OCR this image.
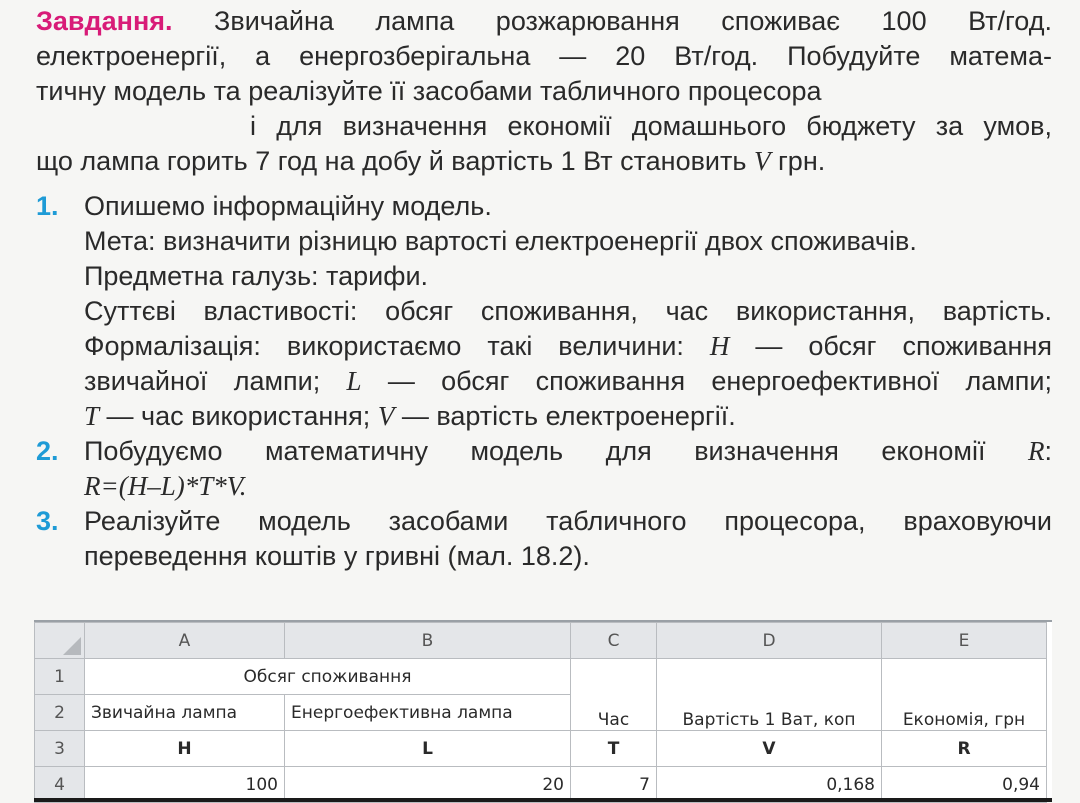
Завдання. Звичайна лампа розжарювання споживає 100 Вт/год.
електроенергії, а енергозберігальна — 20 Вт/год. Побудуйте матема-
тичну модель та реалізуйте її засобами табличного процесора
і для визначення економії домашнього бюджету за умов,
що лампа горить 7 год на добу й вартість 1 Вт становить V грн.
1. Опишемо інформаційну модель.
Мета: визначити різницю вартості електроенергії двох споживачів.
Предметна галузь: тарифи.
Суттєві властивості: обсяг споживання, час використання, вартість.
Формалізація: використаємо такі величини: H — обсяг споживання
звичайної лампи; L — обсяг споживання енергоефективної лампи;
T — час використання; V — вартість електроенергії.
2. Побудуємо математичну модель для визначення економії R:
R=(H–L)*T*V.
3. Реалізуйте модель засобами табличного процесора, враховуючи
переведення коштів у гривні (мал. 18.2).
	A	B	C	D	E
1	Обсяг споживання		Час	Вартість 1 Ват, коп	Економія, грн
2	Звичайна лампа	Енергоефективна лампа			
3	H	L	T	V	R
4	100	20	7	0,168	0,94
